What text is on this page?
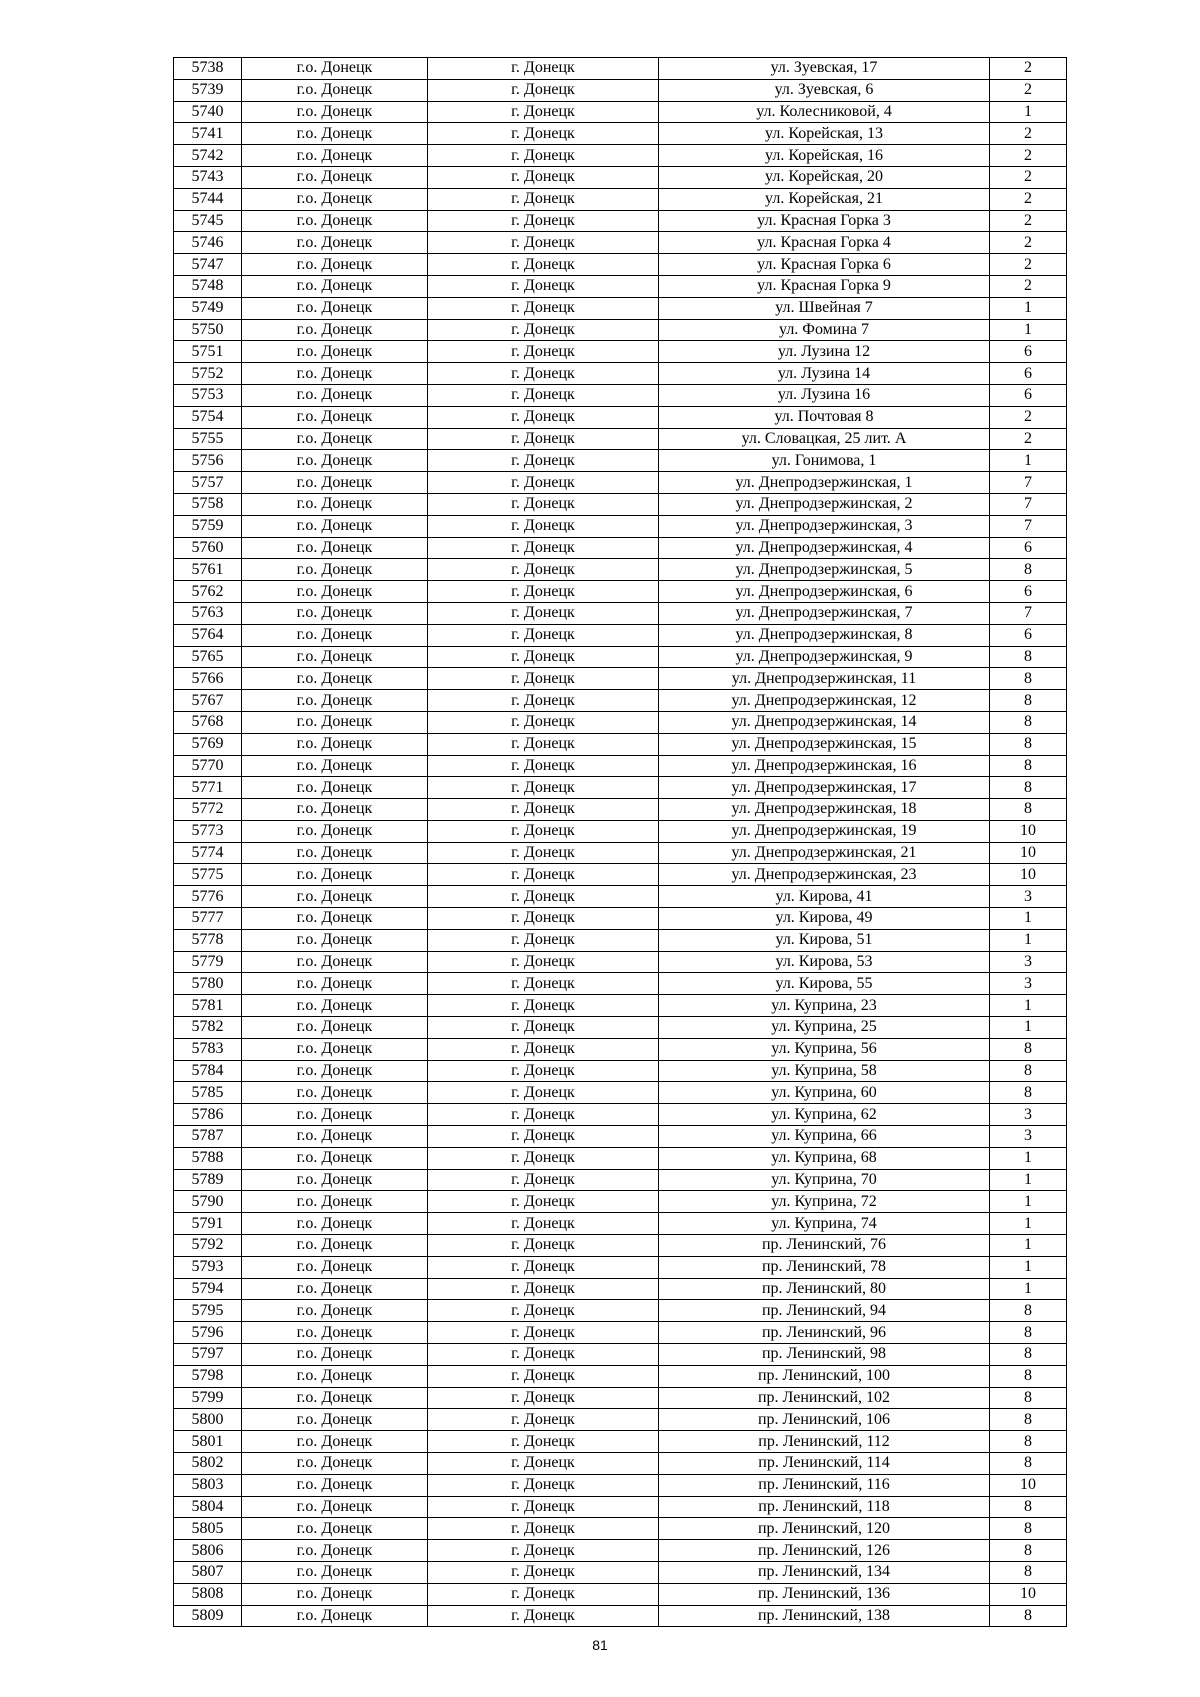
5738	г.о. Донецк	г. Донецк	ул. Зуевская, 17	2
5739	г.о. Донецк	г. Донецк	ул. Зуевская, 6	2
5740	г.о. Донецк	г. Донецк	ул. Колесниковой, 4	1
5741	г.о. Донецк	г. Донецк	ул. Корейская, 13	2
5742	г.о. Донецк	г. Донецк	ул. Корейская, 16	2
5743	г.о. Донецк	г. Донецк	ул. Корейская, 20	2
5744	г.о. Донецк	г. Донецк	ул. Корейская, 21	2
5745	г.о. Донецк	г. Донецк	ул. Красная Горка 3	2
5746	г.о. Донецк	г. Донецк	ул. Красная Горка 4	2
5747	г.о. Донецк	г. Донецк	ул. Красная Горка 6	2
5748	г.о. Донецк	г. Донецк	ул. Красная Горка 9	2
5749	г.о. Донецк	г. Донецк	ул. Швейная 7	1
5750	г.о. Донецк	г. Донецк	ул. Фомина 7	1
5751	г.о. Донецк	г. Донецк	ул. Лузина 12	6
5752	г.о. Донецк	г. Донецк	ул. Лузина 14	6
5753	г.о. Донецк	г. Донецк	ул. Лузина 16	6
5754	г.о. Донецк	г. Донецк	ул. Почтовая 8	2
5755	г.о. Донецк	г. Донецк	ул. Словацкая, 25 лит. А	2
5756	г.о. Донецк	г. Донецк	ул. Гонимова, 1	1
5757	г.о. Донецк	г. Донецк	ул. Днепродзержинская, 1	7
5758	г.о. Донецк	г. Донецк	ул. Днепродзержинская, 2	7
5759	г.о. Донецк	г. Донецк	ул. Днепродзержинская, 3	7
5760	г.о. Донецк	г. Донецк	ул. Днепродзержинская, 4	6
5761	г.о. Донецк	г. Донецк	ул. Днепродзержинская, 5	8
5762	г.о. Донецк	г. Донецк	ул. Днепродзержинская, 6	6
5763	г.о. Донецк	г. Донецк	ул. Днепродзержинская, 7	7
5764	г.о. Донецк	г. Донецк	ул. Днепродзержинская, 8	6
5765	г.о. Донецк	г. Донецк	ул. Днепродзержинская, 9	8
5766	г.о. Донецк	г. Донецк	ул. Днепродзержинская, 11	8
5767	г.о. Донецк	г. Донецк	ул. Днепродзержинская, 12	8
5768	г.о. Донецк	г. Донецк	ул. Днепродзержинская, 14	8
5769	г.о. Донецк	г. Донецк	ул. Днепродзержинская, 15	8
5770	г.о. Донецк	г. Донецк	ул. Днепродзержинская, 16	8
5771	г.о. Донецк	г. Донецк	ул. Днепродзержинская, 17	8
5772	г.о. Донецк	г. Донецк	ул. Днепродзержинская, 18	8
5773	г.о. Донецк	г. Донецк	ул. Днепродзержинская, 19	10
5774	г.о. Донецк	г. Донецк	ул. Днепродзержинская, 21	10
5775	г.о. Донецк	г. Донецк	ул. Днепродзержинская, 23	10
5776	г.о. Донецк	г. Донецк	ул. Кирова, 41	3
5777	г.о. Донецк	г. Донецк	ул. Кирова, 49	1
5778	г.о. Донецк	г. Донецк	ул. Кирова, 51	1
5779	г.о. Донецк	г. Донецк	ул. Кирова, 53	3
5780	г.о. Донецк	г. Донецк	ул. Кирова, 55	3
5781	г.о. Донецк	г. Донецк	ул. Куприна, 23	1
5782	г.о. Донецк	г. Донецк	ул. Куприна, 25	1
5783	г.о. Донецк	г. Донецк	ул. Куприна, 56	8
5784	г.о. Донецк	г. Донецк	ул. Куприна, 58	8
5785	г.о. Донецк	г. Донецк	ул. Куприна, 60	8
5786	г.о. Донецк	г. Донецк	ул. Куприна, 62	3
5787	г.о. Донецк	г. Донецк	ул. Куприна, 66	3
5788	г.о. Донецк	г. Донецк	ул. Куприна, 68	1
5789	г.о. Донецк	г. Донецк	ул. Куприна, 70	1
5790	г.о. Донецк	г. Донецк	ул. Куприна, 72	1
5791	г.о. Донецк	г. Донецк	ул. Куприна, 74	1
5792	г.о. Донецк	г. Донецк	пр. Ленинский, 76	1
5793	г.о. Донецк	г. Донецк	пр. Ленинский, 78	1
5794	г.о. Донецк	г. Донецк	пр. Ленинский, 80	1
5795	г.о. Донецк	г. Донецк	пр. Ленинский, 94	8
5796	г.о. Донецк	г. Донецк	пр. Ленинский, 96	8
5797	г.о. Донецк	г. Донецк	пр. Ленинский, 98	8
5798	г.о. Донецк	г. Донецк	пр. Ленинский, 100	8
5799	г.о. Донецк	г. Донецк	пр. Ленинский, 102	8
5800	г.о. Донецк	г. Донецк	пр. Ленинский, 106	8
5801	г.о. Донецк	г. Донецк	пр. Ленинский, 112	8
5802	г.о. Донецк	г. Донецк	пр. Ленинский, 114	8
5803	г.о. Донецк	г. Донецк	пр. Ленинский, 116	10
5804	г.о. Донецк	г. Донецк	пр. Ленинский, 118	8
5805	г.о. Донецк	г. Донецк	пр. Ленинский, 120	8
5806	г.о. Донецк	г. Донецк	пр. Ленинский, 126	8
5807	г.о. Донецк	г. Донецк	пр. Ленинский, 134	8
5808	г.о. Донецк	г. Донецк	пр. Ленинский, 136	10
5809	г.о. Донецк	г. Донецк	пр. Ленинский, 138	8
81
